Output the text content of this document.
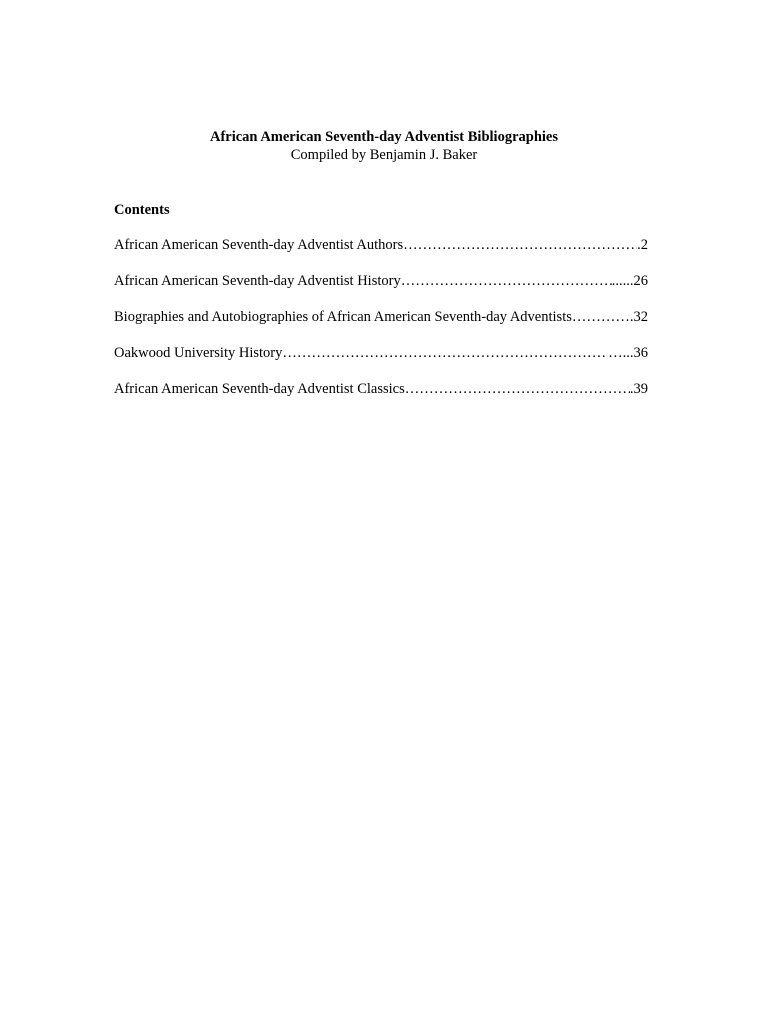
African American Seventh-day Adventist Bibliographies
Compiled by Benjamin J. Baker
Contents
African American Seventh-day Adventist Authors ……………………………………………………………………………………………………………………………………………………………	.2
African American Seventh-day Adventist History ……………………………………………………………………………………………………………………………………………………………	......26
Biographies and Autobiographies of African American Seventh-day Adventists …………………………………………………………………………………………………………………………………………………………… …….32
Oakwood University History ……………………………………………………………………………………………………………………………………………………………	…...36
African American Seventh-day Adventist Classics ……………………………………………………………………………………………………………………………………………………………	.39
